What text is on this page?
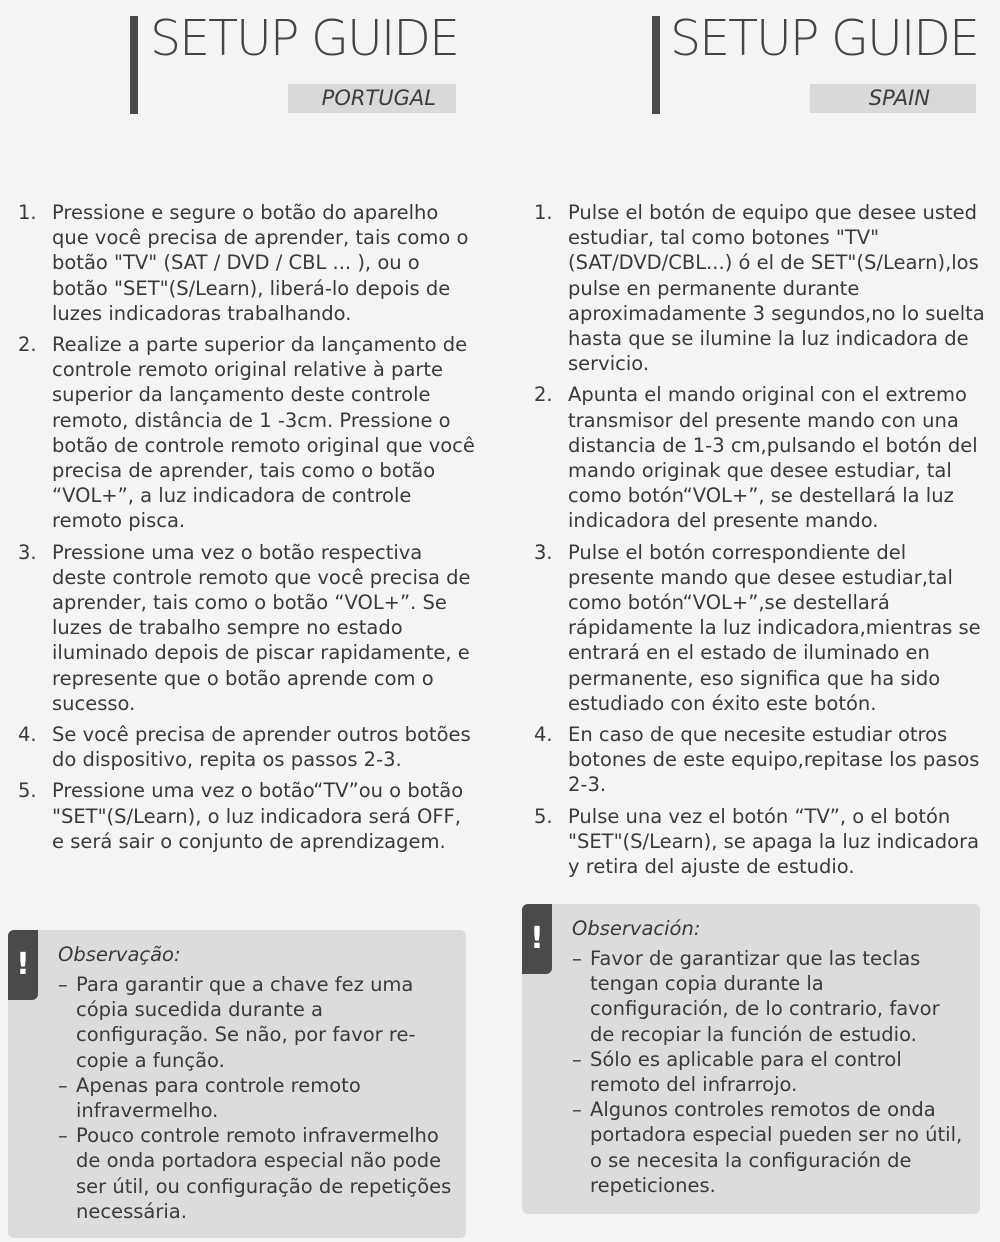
SETUP GUIDE
PORTUGAL
1. Pressione e segure o botão do aparelho que você precisa de aprender, tais como o botão "TV" (SAT / DVD / CBL ... ), ou o botão "SET"(S/Learn), liberá-lo depois de luzes indicadoras trabalhando.
2. Realize a parte superior da lançamento de controle remoto original relative à parte superior da lançamento deste controle remoto, distância de 1 -3cm. Pressione o botão de controle remoto original que você precisa de aprender, tais como o botão “VOL+”, a luz indicadora de controle remoto pisca.
3. Pressione uma vez o botão respectiva deste controle remoto que você precisa de aprender, tais como o botão “VOL+”. Se luzes de trabalho sempre no estado iluminado depois de piscar rapidamente, e represente que o botão aprende com o sucesso.
4. Se você precisa de aprender outros botões do dispositivo, repita os passos 2-3.
5. Pressione uma vez o botão“TV”ou o botão "SET"(S/Learn), o luz indicadora será OFF, e será sair o conjunto de aprendizagem.
!	Observação:
– Para garantir que a chave fez uma cópia sucedida durante a configuração. Se não, por favor re-copie a função.
– Apenas para controle remoto infravermelho.
– Pouco controle remoto infravermelho de onda portadora especial não pode ser útil, ou configuração de repetições necessária.
SETUP GUIDE
SPAIN
1. Pulse el botón de equipo que desee usted estudiar, tal como botones "TV"(SAT/DVD/CBL...) ó el de SET"(S/Learn),los pulse en permanente durante aproximadamente 3 segundos,no lo suelta hasta que se ilumine la luz indicadora de servicio.
2. Apunta el mando original con el extremo transmisor del presente mando con una distancia de 1-3 cm,pulsando el botón del mando originak que desee estudiar, tal como botón“VOL+”, se destellará la luz indicadora del presente mando.
3. Pulse el botón correspondiente del presente mando que desee estudiar,tal como botón“VOL+”,se destellará rápidamente la luz indicadora,mientras se entrará en el estado de iluminado en permanente, eso significa que ha sido estudiado con éxito este botón.
4. En caso de que necesite estudiar otros botones de este equipo,repitase los pasos 2-3.
5. Pulse una vez el botón “TV”, o el botón "SET"(S/Learn), se apaga la luz indicadora y retira del ajuste de estudio.
!	Observación:
– Favor de garantizar que las teclas tengan copia durante la configuración, de lo contrario, favor de recopiar la función de estudio.
– Sólo es aplicable para el control remoto del infrarrojo.
– Algunos controles remotos de onda portadora especial pueden ser no útil, o se necesita la configuración de repeticiones.
